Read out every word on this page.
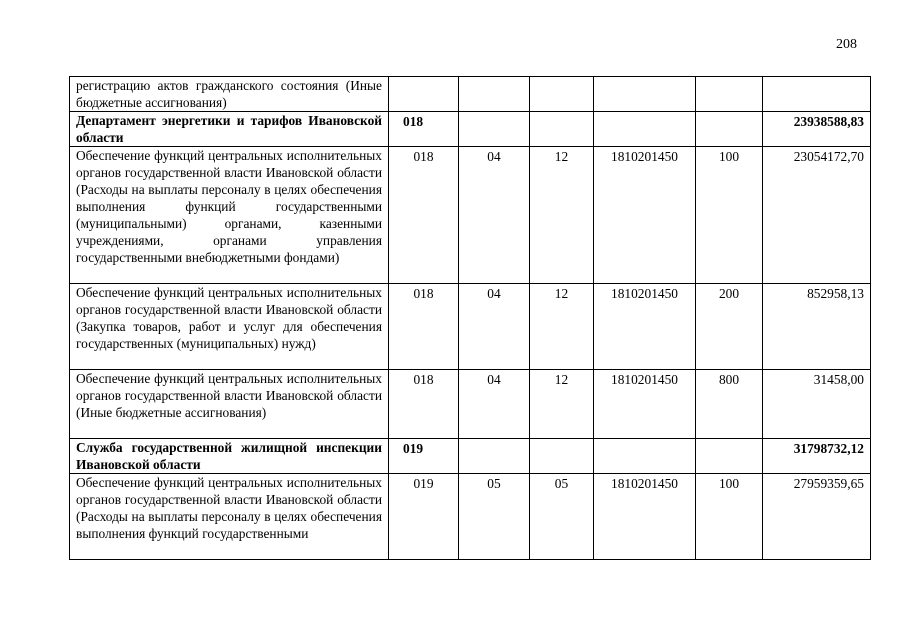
208
регистрацию актов гражданского состояния (Иные бюджетные ассигнования)						

Департамент энергетики и тарифов Ивановской области	018					23938588,83

Обеспечение функций центральных исполнительных органов государственной власти Ивановской области (Расходы на выплаты персоналу в целях обеспечения выполнения функций государственными (муниципальными) органами, казенными учреждениями, органами управления государственными внебюджетными фондами)	018	04	12	1810201450	100	23054172,70

Обеспечение функций центральных исполнительных органов государственной власти Ивановской области (Закупка товаров, работ и услуг для обеспечения государственных (муниципальных) нужд)	018	04	12	1810201450	200	852958,13

Обеспечение функций центральных исполнительных органов государственной власти Ивановской области (Иные бюджетные ассигнования)	018	04	12	1810201450	800	31458,00

Служба государственной жилищной инспекции Ивановской области	019					31798732,12

Обеспечение функций центральных исполнительных органов государственной власти Ивановской области (Расходы на выплаты персоналу в целях обеспечения выполнения функций государственными	019	05	05	1810201450	100	27959359,65
